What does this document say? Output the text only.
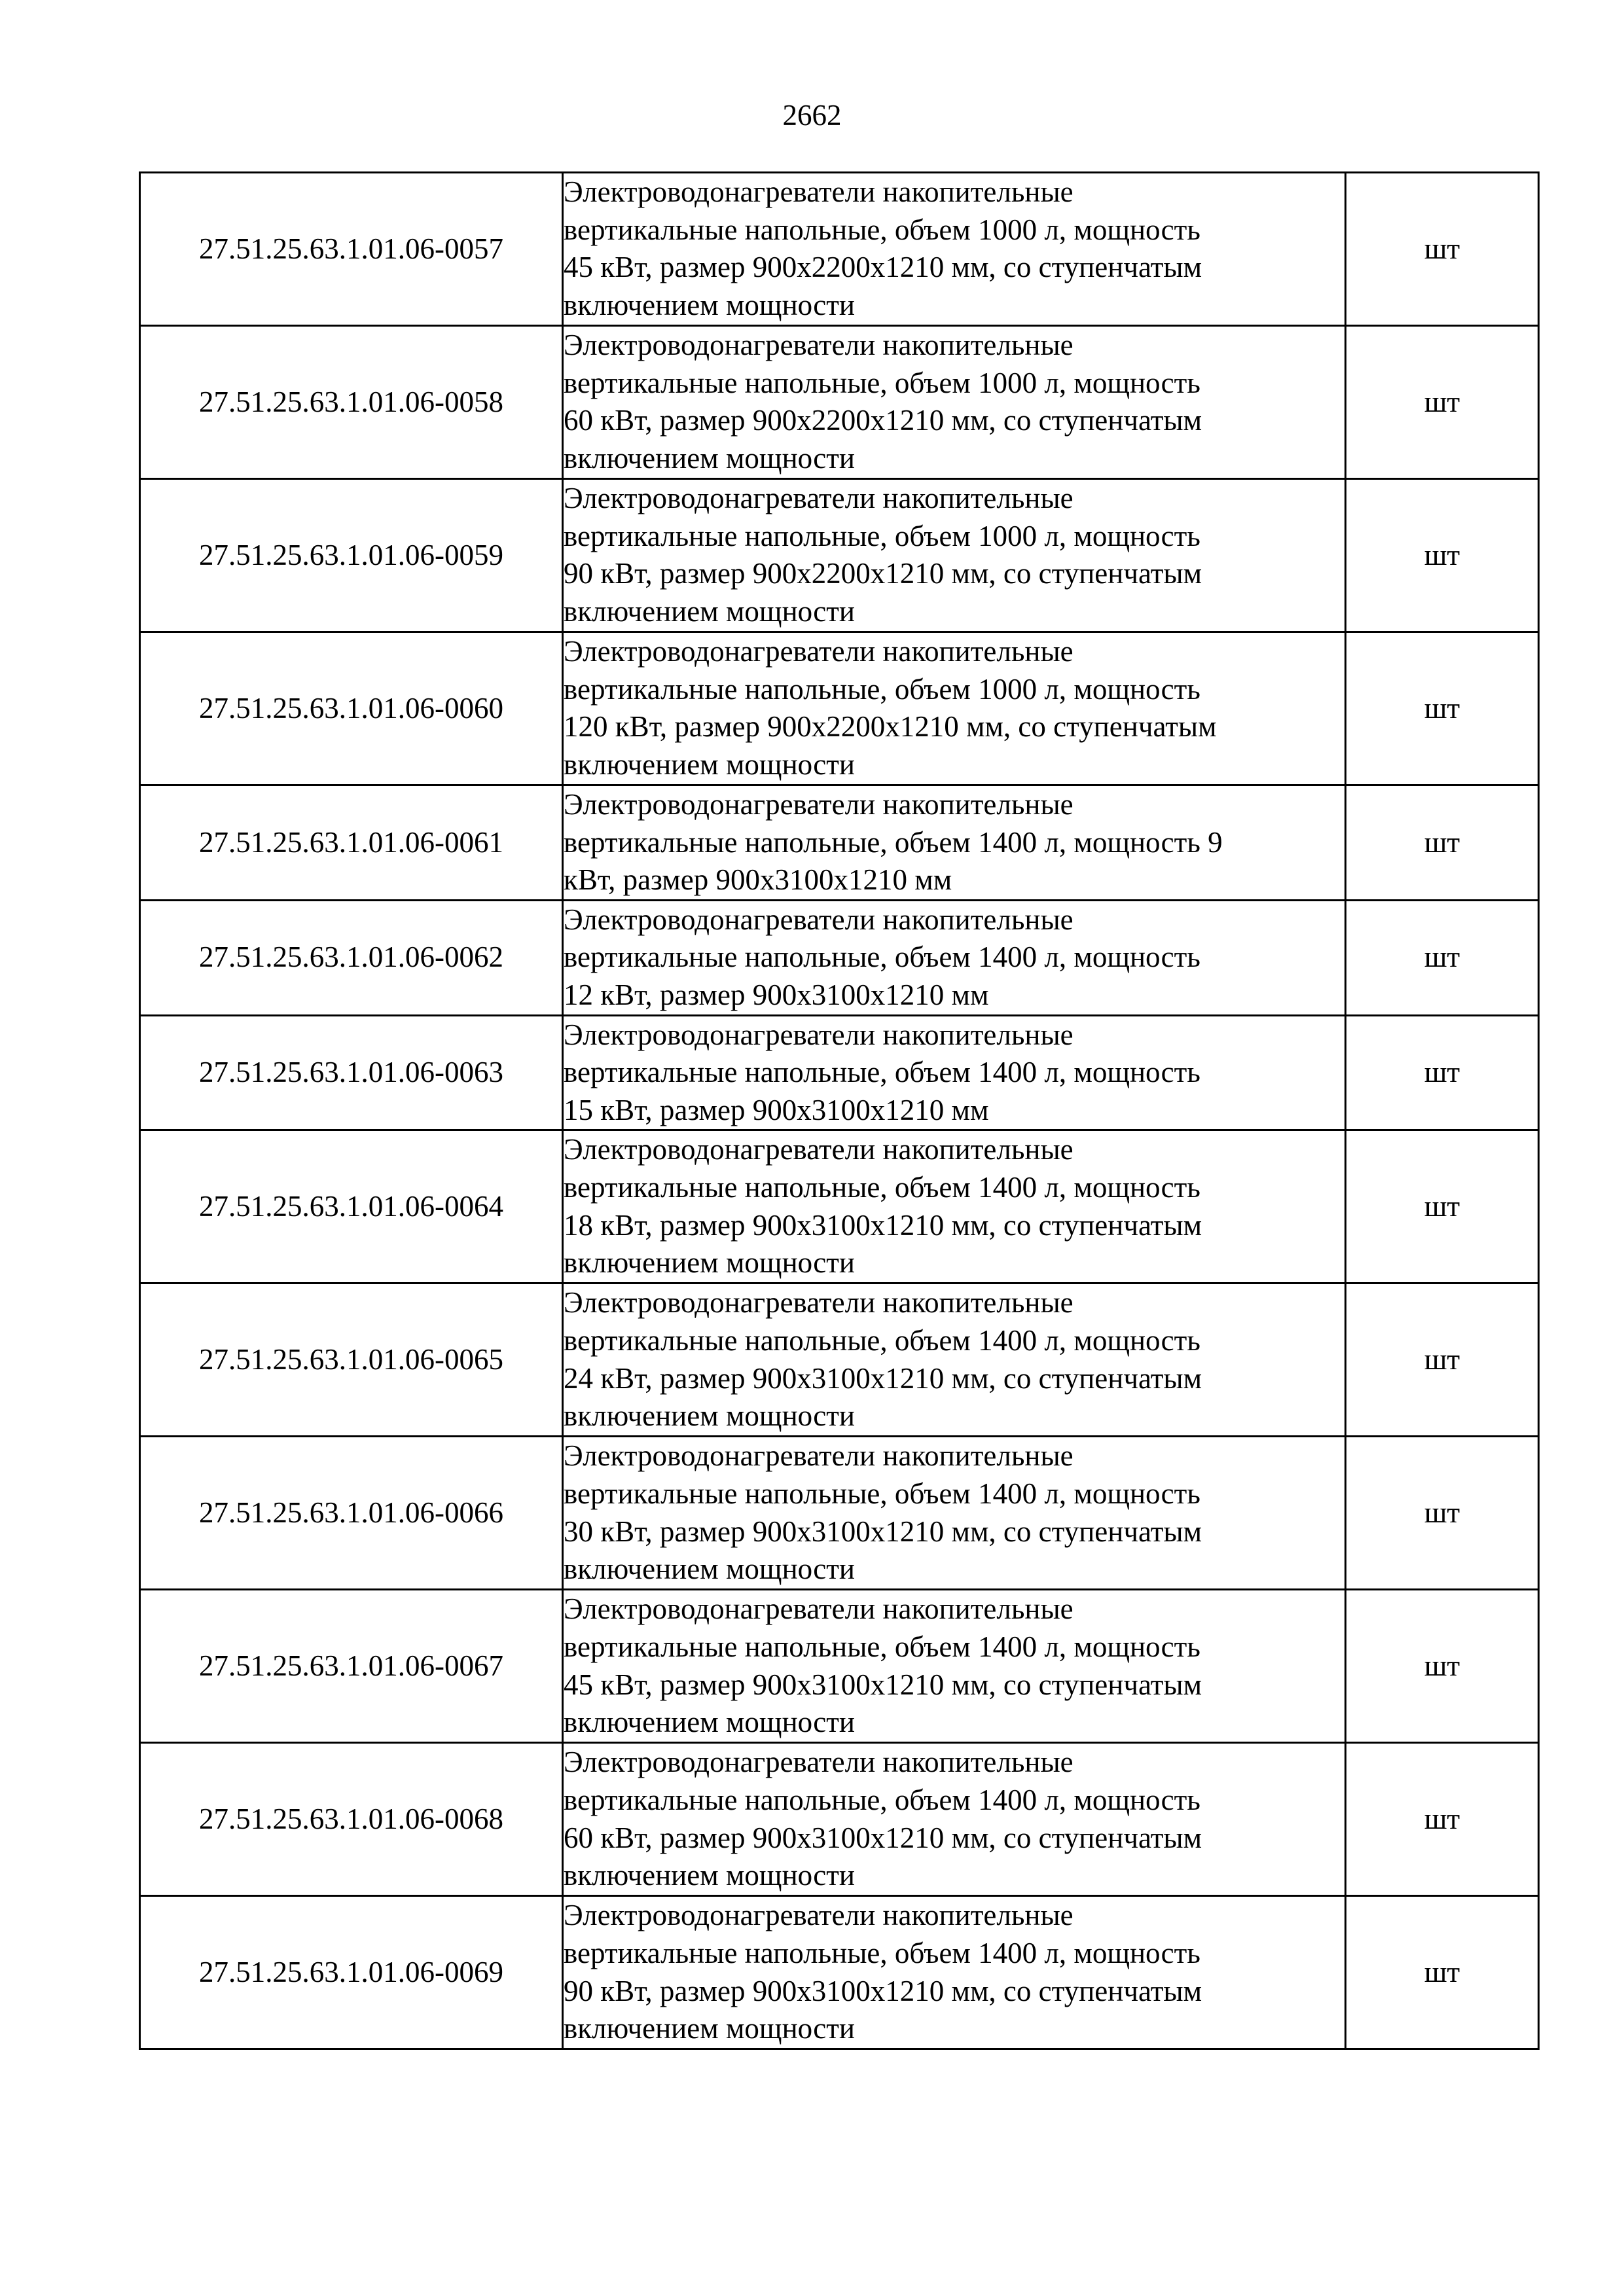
2662
27.51.25.63.1.01.06-0057	Электроводонагреватели накопительные
вертикальные напольные, объем 1000 л, мощность
45 кВт, размер 900х2200х1210 мм, со ступенчатым
включением мощности	шт
27.51.25.63.1.01.06-0058	Электроводонагреватели накопительные
вертикальные напольные, объем 1000 л, мощность
60 кВт, размер 900х2200х1210 мм, со ступенчатым
включением мощности	шт
27.51.25.63.1.01.06-0059	Электроводонагреватели накопительные
вертикальные напольные, объем 1000 л, мощность
90 кВт, размер 900х2200х1210 мм, со ступенчатым
включением мощности	шт
27.51.25.63.1.01.06-0060	Электроводонагреватели накопительные
вертикальные напольные, объем 1000 л, мощность
120 кВт, размер 900х2200х1210 мм, со ступенчатым
включением мощности	шт
27.51.25.63.1.01.06-0061	Электроводонагреватели накопительные
вертикальные напольные, объем 1400 л, мощность 9
кВт, размер 900х3100х1210 мм	шт
27.51.25.63.1.01.06-0062	Электроводонагреватели накопительные
вертикальные напольные, объем 1400 л, мощность
12 кВт, размер 900х3100х1210 мм	шт
27.51.25.63.1.01.06-0063	Электроводонагреватели накопительные
вертикальные напольные, объем 1400 л, мощность
15 кВт, размер 900х3100х1210 мм	шт
27.51.25.63.1.01.06-0064	Электроводонагреватели накопительные
вертикальные напольные, объем 1400 л, мощность
18 кВт, размер 900х3100х1210 мм, со ступенчатым
включением мощности	шт
27.51.25.63.1.01.06-0065	Электроводонагреватели накопительные
вертикальные напольные, объем 1400 л, мощность
24 кВт, размер 900х3100х1210 мм, со ступенчатым
включением мощности	шт
27.51.25.63.1.01.06-0066	Электроводонагреватели накопительные
вертикальные напольные, объем 1400 л, мощность
30 кВт, размер 900х3100х1210 мм, со ступенчатым
включением мощности	шт
27.51.25.63.1.01.06-0067	Электроводонагреватели накопительные
вертикальные напольные, объем 1400 л, мощность
45 кВт, размер 900х3100х1210 мм, со ступенчатым
включением мощности	шт
27.51.25.63.1.01.06-0068	Электроводонагреватели накопительные
вертикальные напольные, объем 1400 л, мощность
60 кВт, размер 900х3100х1210 мм, со ступенчатым
включением мощности	шт
27.51.25.63.1.01.06-0069	Электроводонагреватели накопительные
вертикальные напольные, объем 1400 л, мощность
90 кВт, размер 900х3100х1210 мм, со ступенчатым
включением мощности	шт
